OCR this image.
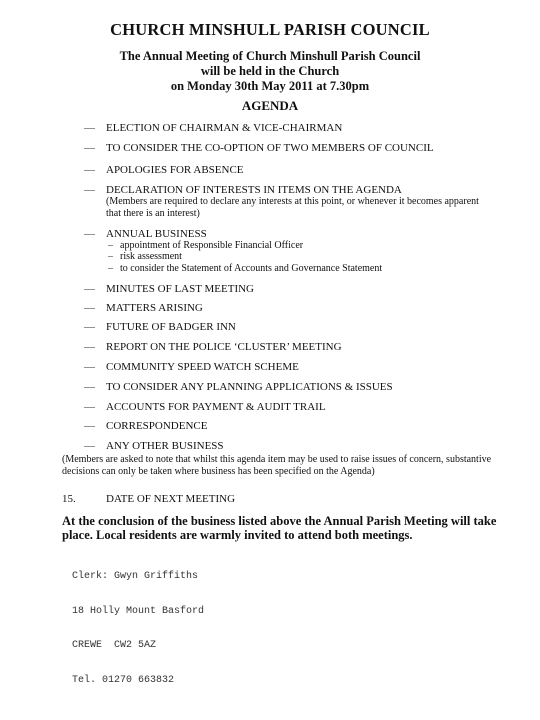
CHURCH MINSHULL PARISH COUNCIL
The Annual Meeting of Church Minshull Parish Council
will be held in the Church
on Monday 30th May 2011 at 7.30pm
AGENDA
— ELECTION OF CHAIRMAN & VICE-CHAIRMAN
— TO CONSIDER THE CO-OPTION OF TWO MEMBERS OF COUNCIL
— APOLOGIES FOR ABSENCE
— DECLARATION OF INTERESTS IN ITEMS ON THE AGENDA
(Members are required to declare any interests at this point, or whenever it becomes apparent that there is an interest)
— ANNUAL BUSINESS
– appointment of Responsible Financial Officer
– risk assessment
– to consider the Statement of Accounts and Governance Statement
— MINUTES OF LAST MEETING
— MATTERS ARISING
— FUTURE OF BADGER INN
— REPORT ON THE POLICE ‘CLUSTER’ MEETING
— COMMUNITY SPEED WATCH SCHEME
— TO CONSIDER ANY PLANNING APPLICATIONS & ISSUES
— ACCOUNTS FOR PAYMENT & AUDIT TRAIL
— CORRESPONDENCE
— ANY OTHER BUSINESS
(Members are asked to note that whilst this agenda item may be used to raise issues of concern, substantive decisions can only be taken where business has been specified on the Agenda)
15.	DATE OF NEXT MEETING
At the conclusion of the business listed above the Annual Parish Meeting will take place. Local residents are warmly invited to attend both meetings.

Clerk: Gwyn Griffiths

18 Holly Mount Basford

CREWE  CW2 5AZ

Tel. 01270 663832
